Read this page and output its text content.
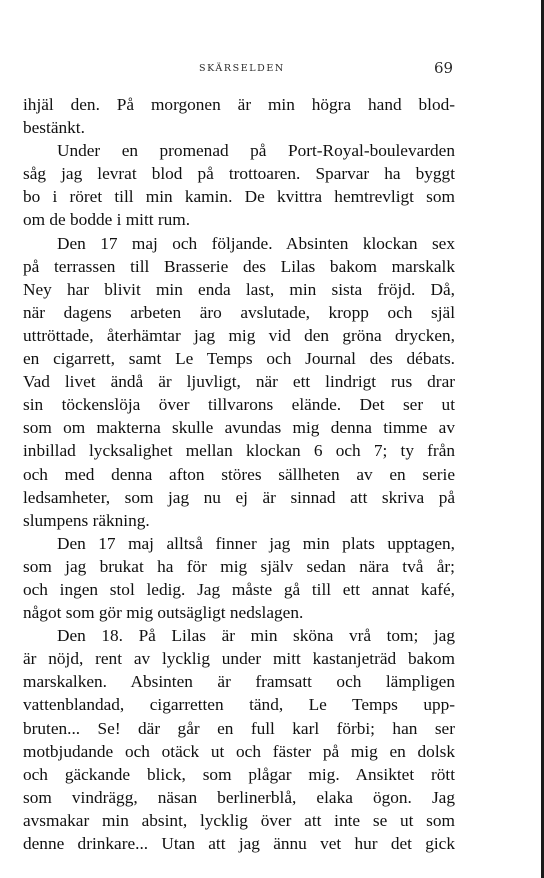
SKÄRSELDEN	69
ihjäl den. På morgonen är min högra hand blod-
bestänkt.
Under en promenad på Port-Royal-boulevarden
såg jag levrat blod på trottoaren. Sparvar ha byggt
bo i röret till min kamin. De kvittra hemtrevligt som
om de bodde i mitt rum.
Den 17 maj och följande. Absinten klockan sex
på terrassen till Brasserie des Lilas bakom marskalk
Ney har blivit min enda last, min sista fröjd. Då,
när dagens arbeten äro avslutade, kropp och själ
uttröttade, återhämtar jag mig vid den gröna drycken,
en cigarrett, samt Le Temps och Journal des débats.
Vad livet ändå är ljuvligt, när ett lindrigt rus drar
sin töckenslöja över tillvarons elände. Det ser ut
som om makterna skulle avundas mig denna timme av
inbillad lycksalighet mellan klockan 6 och 7; ty från
och med denna afton störes sällheten av en serie
ledsamheter, som jag nu ej är sinnad att skriva på
slumpens räkning.
Den 17 maj alltså finner jag min plats upptagen,
som jag brukat ha för mig själv sedan nära två år;
och ingen stol ledig. Jag måste gå till ett annat kafé,
något som gör mig outsägligt nedslagen.
Den 18. På Lilas är min sköna vrå tom; jag
är nöjd, rent av lycklig under mitt kastanjeträd bakom
marskalken. Absinten är framsatt och lämpligen
vattenblandad, cigarretten tänd, Le Temps upp-
bruten... Se! där går en full karl förbi; han ser
motbjudande och otäck ut och fäster på mig en dolsk
och gäckande blick, som plågar mig. Ansiktet rött
som vindrägg, näsan berlinerblå, elaka ögon. Jag
avsmakar min absint, lycklig över att inte se ut som
denne drinkare... Utan att jag ännu vet hur det gick
